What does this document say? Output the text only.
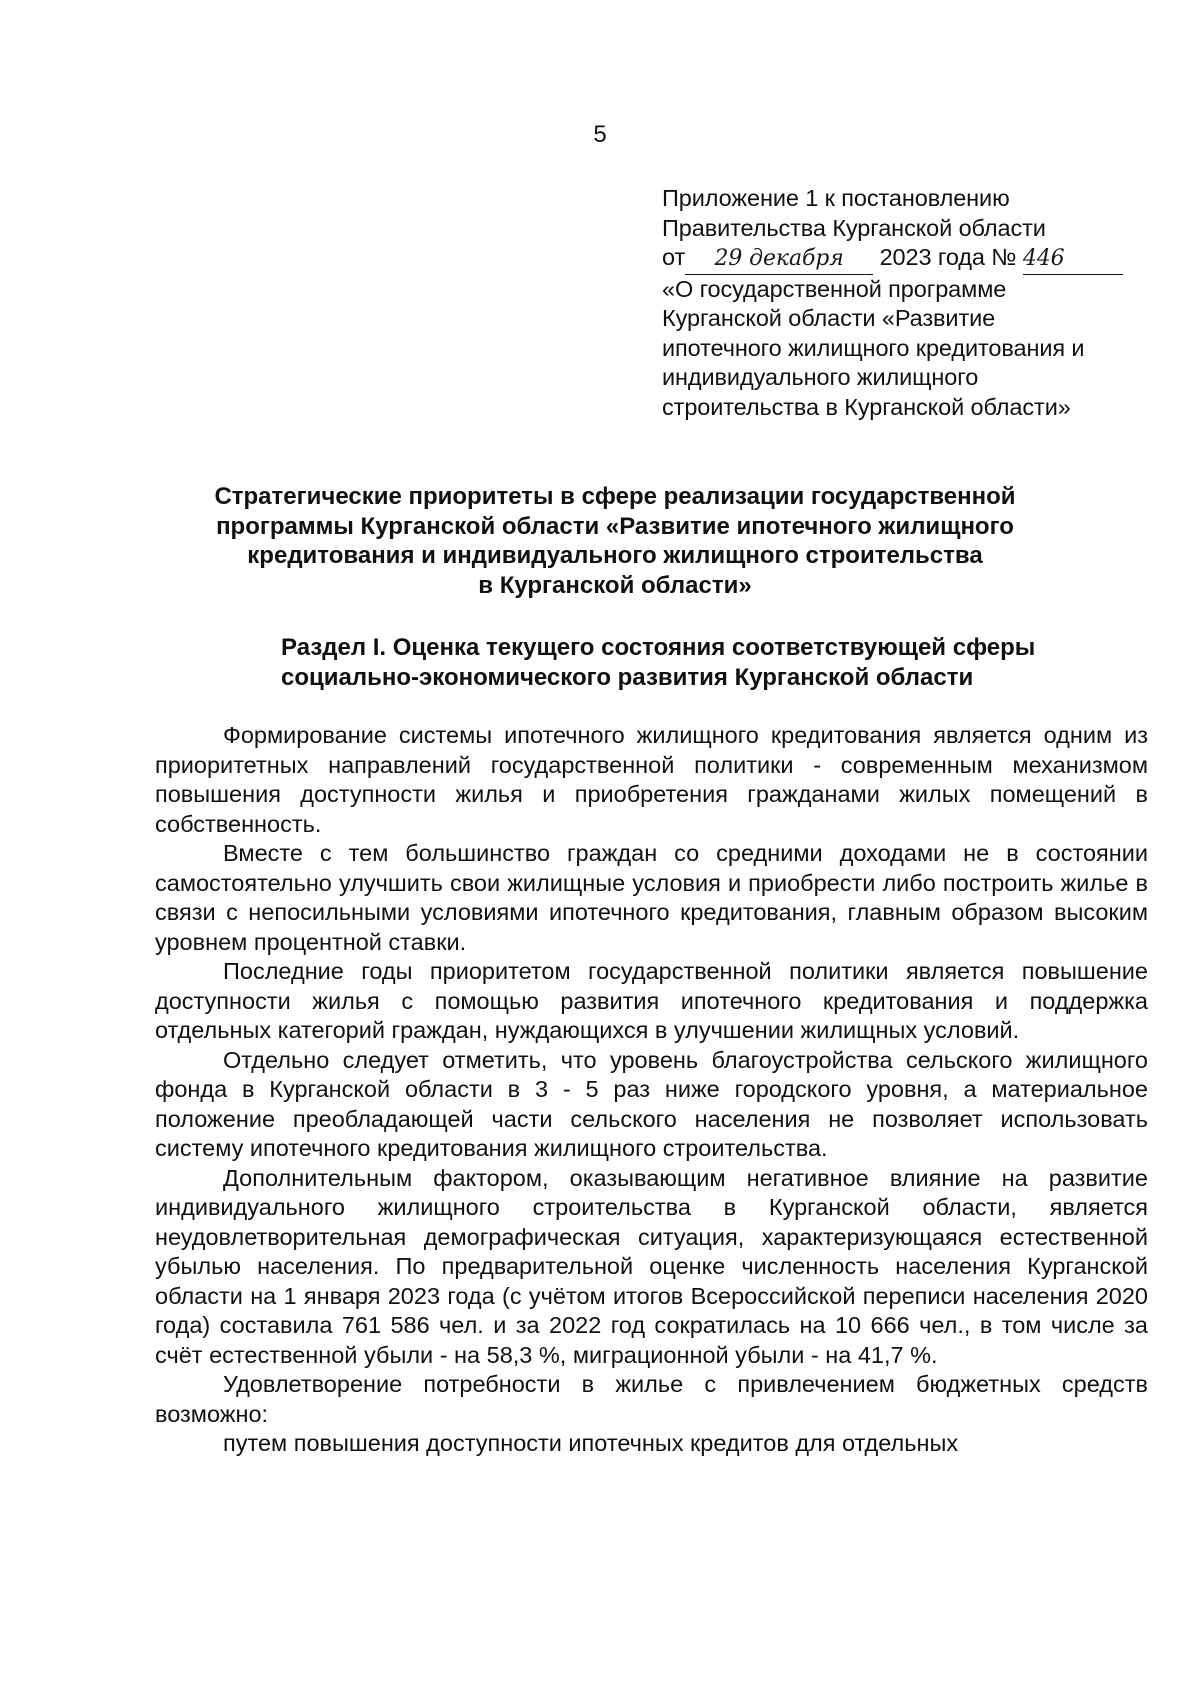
5
Приложение 1 к постановлению
Правительства Курганской области
от 29 декабря 2023 года № 446
«О государственной программе
Курганской области «Развитие
ипотечного жилищного кредитования и
индивидуального жилищного
строительства в Курганской области»
Стратегические приоритеты в сфере реализации государственной
программы Курганской области «Развитие ипотечного жилищного
кредитования и индивидуального жилищного строительства
в Курганской области»
Раздел I. Оценка текущего состояния соответствующей сферы
социально-экономического развития Курганской области

Формирование системы ипотечного жилищного кредитования является одним из приоритетных направлений государственной политики - современным механизмом повышения доступности жилья и приобретения гражданами жилых помещений в собственность.

Вместе с тем большинство граждан со средними доходами не в состоянии самостоятельно улучшить свои жилищные условия и приобрести либо построить жилье в связи с непосильными условиями ипотечного кредитования, главным образом высоким уровнем процентной ставки.

Последние годы приоритетом государственной политики является повышение доступности жилья с помощью развития ипотечного кредитования и поддержка отдельных категорий граждан, нуждающихся в улучшении жилищных условий.

Отдельно следует отметить, что уровень благоустройства сельского жилищного фонда в Курганской области в 3 - 5 раз ниже городского уровня, а материальное положение преобладающей части сельского населения не позволяет использовать систему ипотечного кредитования жилищного строительства.

Дополнительным фактором, оказывающим негативное влияние на развитие индивидуального жилищного строительства в Курганской области, является неудовлетворительная демографическая ситуация, характеризующаяся естественной убылью населения. По предварительной оценке численность населения Курганской области на 1 января 2023 года (с учётом итогов Всероссийской переписи населения 2020 года) составила 761 586 чел. и за 2022 год сократилась на 10 666 чел., в том числе за счёт естественной убыли - на 58,3 %, миграционной убыли - на 41,7 %.

Удовлетворение потребности в жилье с привлечением бюджетных средств возможно:

путем повышения доступности ипотечных кредитов для отдельных
